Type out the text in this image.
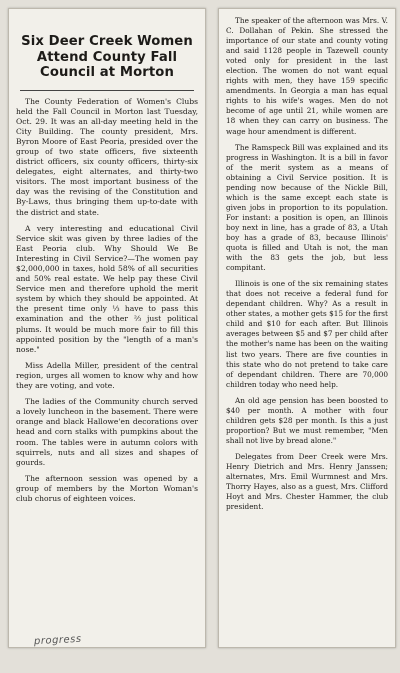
Six Deer Creek Women
Attend County Fall
Council at Morton

The County Federation of Women's Clubs held the Fall Council in Morton last Tuesday, Oct. 29. It was an all-day meeting held in the City Building. The county president, Mrs. Byron Moore of East Peoria, presided over the group of two state officers, five sixteenth district officers, six county officers, thirty-six delegates, eight alternates, and thirty-two visitors. The most important business of the day was the revising of the Constitution and By-Laws, thus bringing them up-to-date with the district and state.

A very interesting and educational Civil Service skit was given by three ladies of the East Peoria club. Why Should We Be Interesting in Civil Service?—The women pay $2,000,000 in taxes, hold 58% of all securities and 50% real estate. We help pay these Civil Service men and therefore uphold the merit system by which they should be appointed. At the present time only ⅓ have to pass this examination and the other ⅔ just political plums. It would be much more fair to fill this appointed position by the "length of a man's nose."

Miss Adella Miller, president of the central region, urges all women to know why and how they are voting, and vote.

The ladies of the Community church served a lovely luncheon in the basement. There were orange and black Hallowe'en decorations over head and corn stalks with pumpkins about the room. The tables were in autumn colors with squirrels, nuts and all sizes and shapes of gourds.

The afternoon session was opened by a group of members by the Morton Woman's club chorus of eighteen voices.

The speaker of the afternoon was Mrs. V. C. Dollahan of Pekin. She stressed the importance of our state and county voting and said 1128 people in Tazewell county voted only for president in the last election. The women do not want equal rights with men, they have 159 specific amendments. In Georgia a man has equal rights to his wife's wages. Men do not become of age until 21, while women are 18 when they can carry on business. The wage hour amendment is different.

The Ramspeck Bill was explained and its progress in Washington. It is a bill in favor of the merit system as a means of obtaining a Civil Service position. It is pending now because of the Nickle Bill, which is the same except each state is given jobs in proportion to its population. For instant: a position is open, an Illinois boy next in line, has a grade of 83, a Utah boy has a grade of 83, because Illinois' quota is filled and Utah is not, the man with the 83 gets the job, but less compitant.

Illinois is one of the six remaining states that does not receive a federal fund for dependant children. Why? As a result in other states, a mother gets $15 for the first child and $10 for each after. But Illinois averages between $5 and $7 per child after the mother's name has been on the waiting list two years. There are five counties in this state who do not pretend to take care of dependant children. There are 70,000 children today who need help.

An old age pension has been boosted to $40 per month. A mother with four children gets $28 per month. Is this a just proportion? But we must remember, "Men shall not live by bread alone."

Delegates from Deer Creek were Mrs. Henry Dietrich and Mrs. Henry Janssen; alternates, Mrs. Emil Wurmnest and Mrs. Thorry Hayes, also as a guest, Mrs. Clifford Hoyt and Mrs. Chester Hammer, the club president.

progress
